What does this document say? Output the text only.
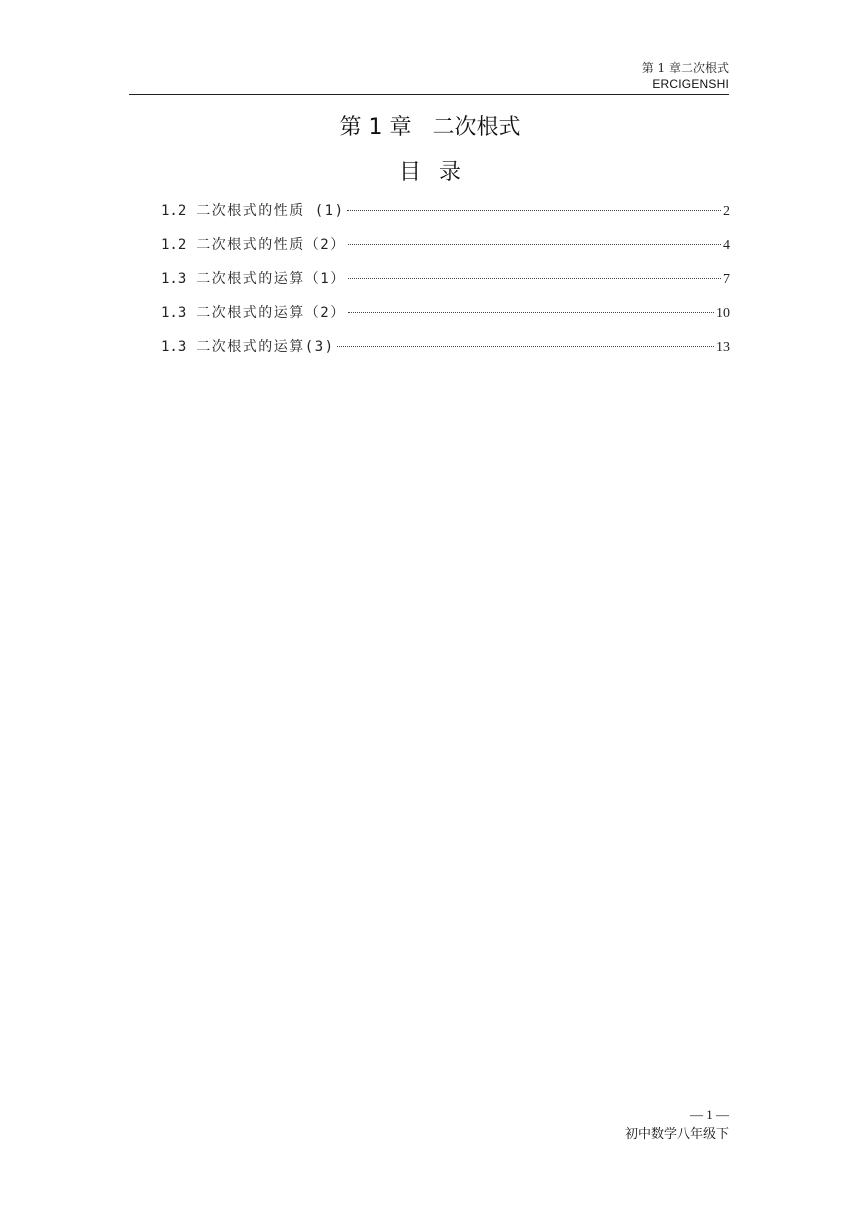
第 1 章二次根式
ERCIGENSHI
第 1 章   二次根式
目录
1.2 二次根式的性质 (1)	2
1.2 二次根式的性质（2）	4
1.3 二次根式的运算（1）	7
1.3 二次根式的运算（2）	10
1.3 二次根式的运算(3)	13
— 1 —
初中数学八年级下
